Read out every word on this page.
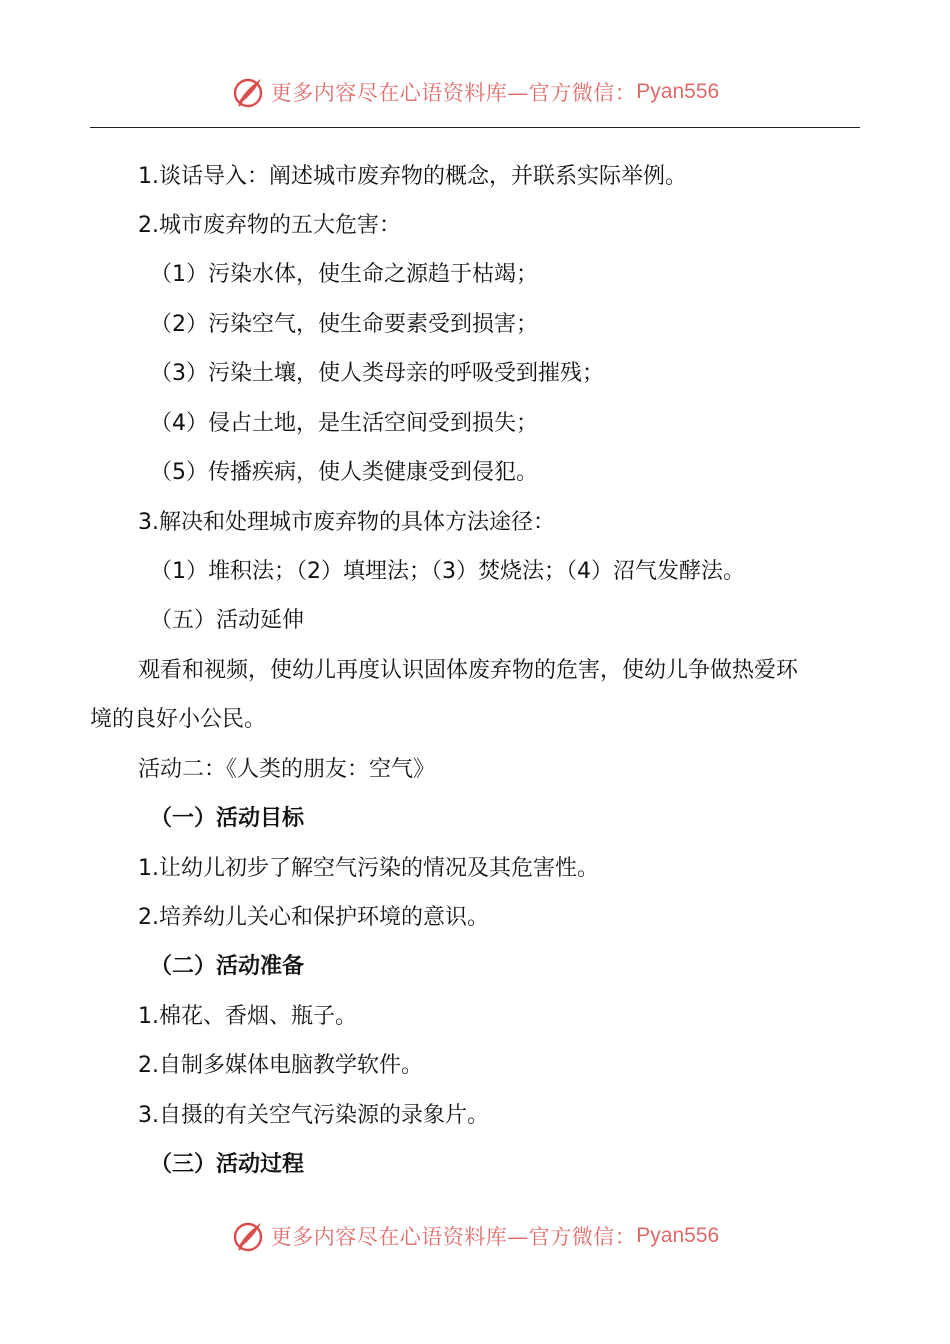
更多内容尽在心语资料库—官方微信： Pyan556
1.谈话导入：阐述城市废弃物的概念，并联系实际举例。
2.城市废弃物的五大危害：
（1）污染水体，使生命之源趋于枯竭；
（2）污染空气，使生命要素受到损害；
（3）污染土壤，使人类母亲的呼吸受到摧残；
（4）侵占土地，是生活空间受到损失；
（5）传播疾病，使人类健康受到侵犯。
3.解决和处理城市废弃物的具体方法途径：
（1）堆积法；（2）填埋法；（3）焚烧法；（4）沼气发酵法。
（五）活动延伸
观看和视频，使幼儿再度认识固体废弃物的危害，使幼儿争做热爱环
境的良好小公民。
活动二：《人类的朋友：空气》
（一）活动目标
1.让幼儿初步了解空气污染的情况及其危害性。
2.培养幼儿关心和保护环境的意识。
（二）活动准备
1.棉花、香烟、瓶子。
2.自制多媒体电脑教学软件。
3.自摄的有关空气污染源的录象片。
（三）活动过程
更多内容尽在心语资料库—官方微信： Pyan556
